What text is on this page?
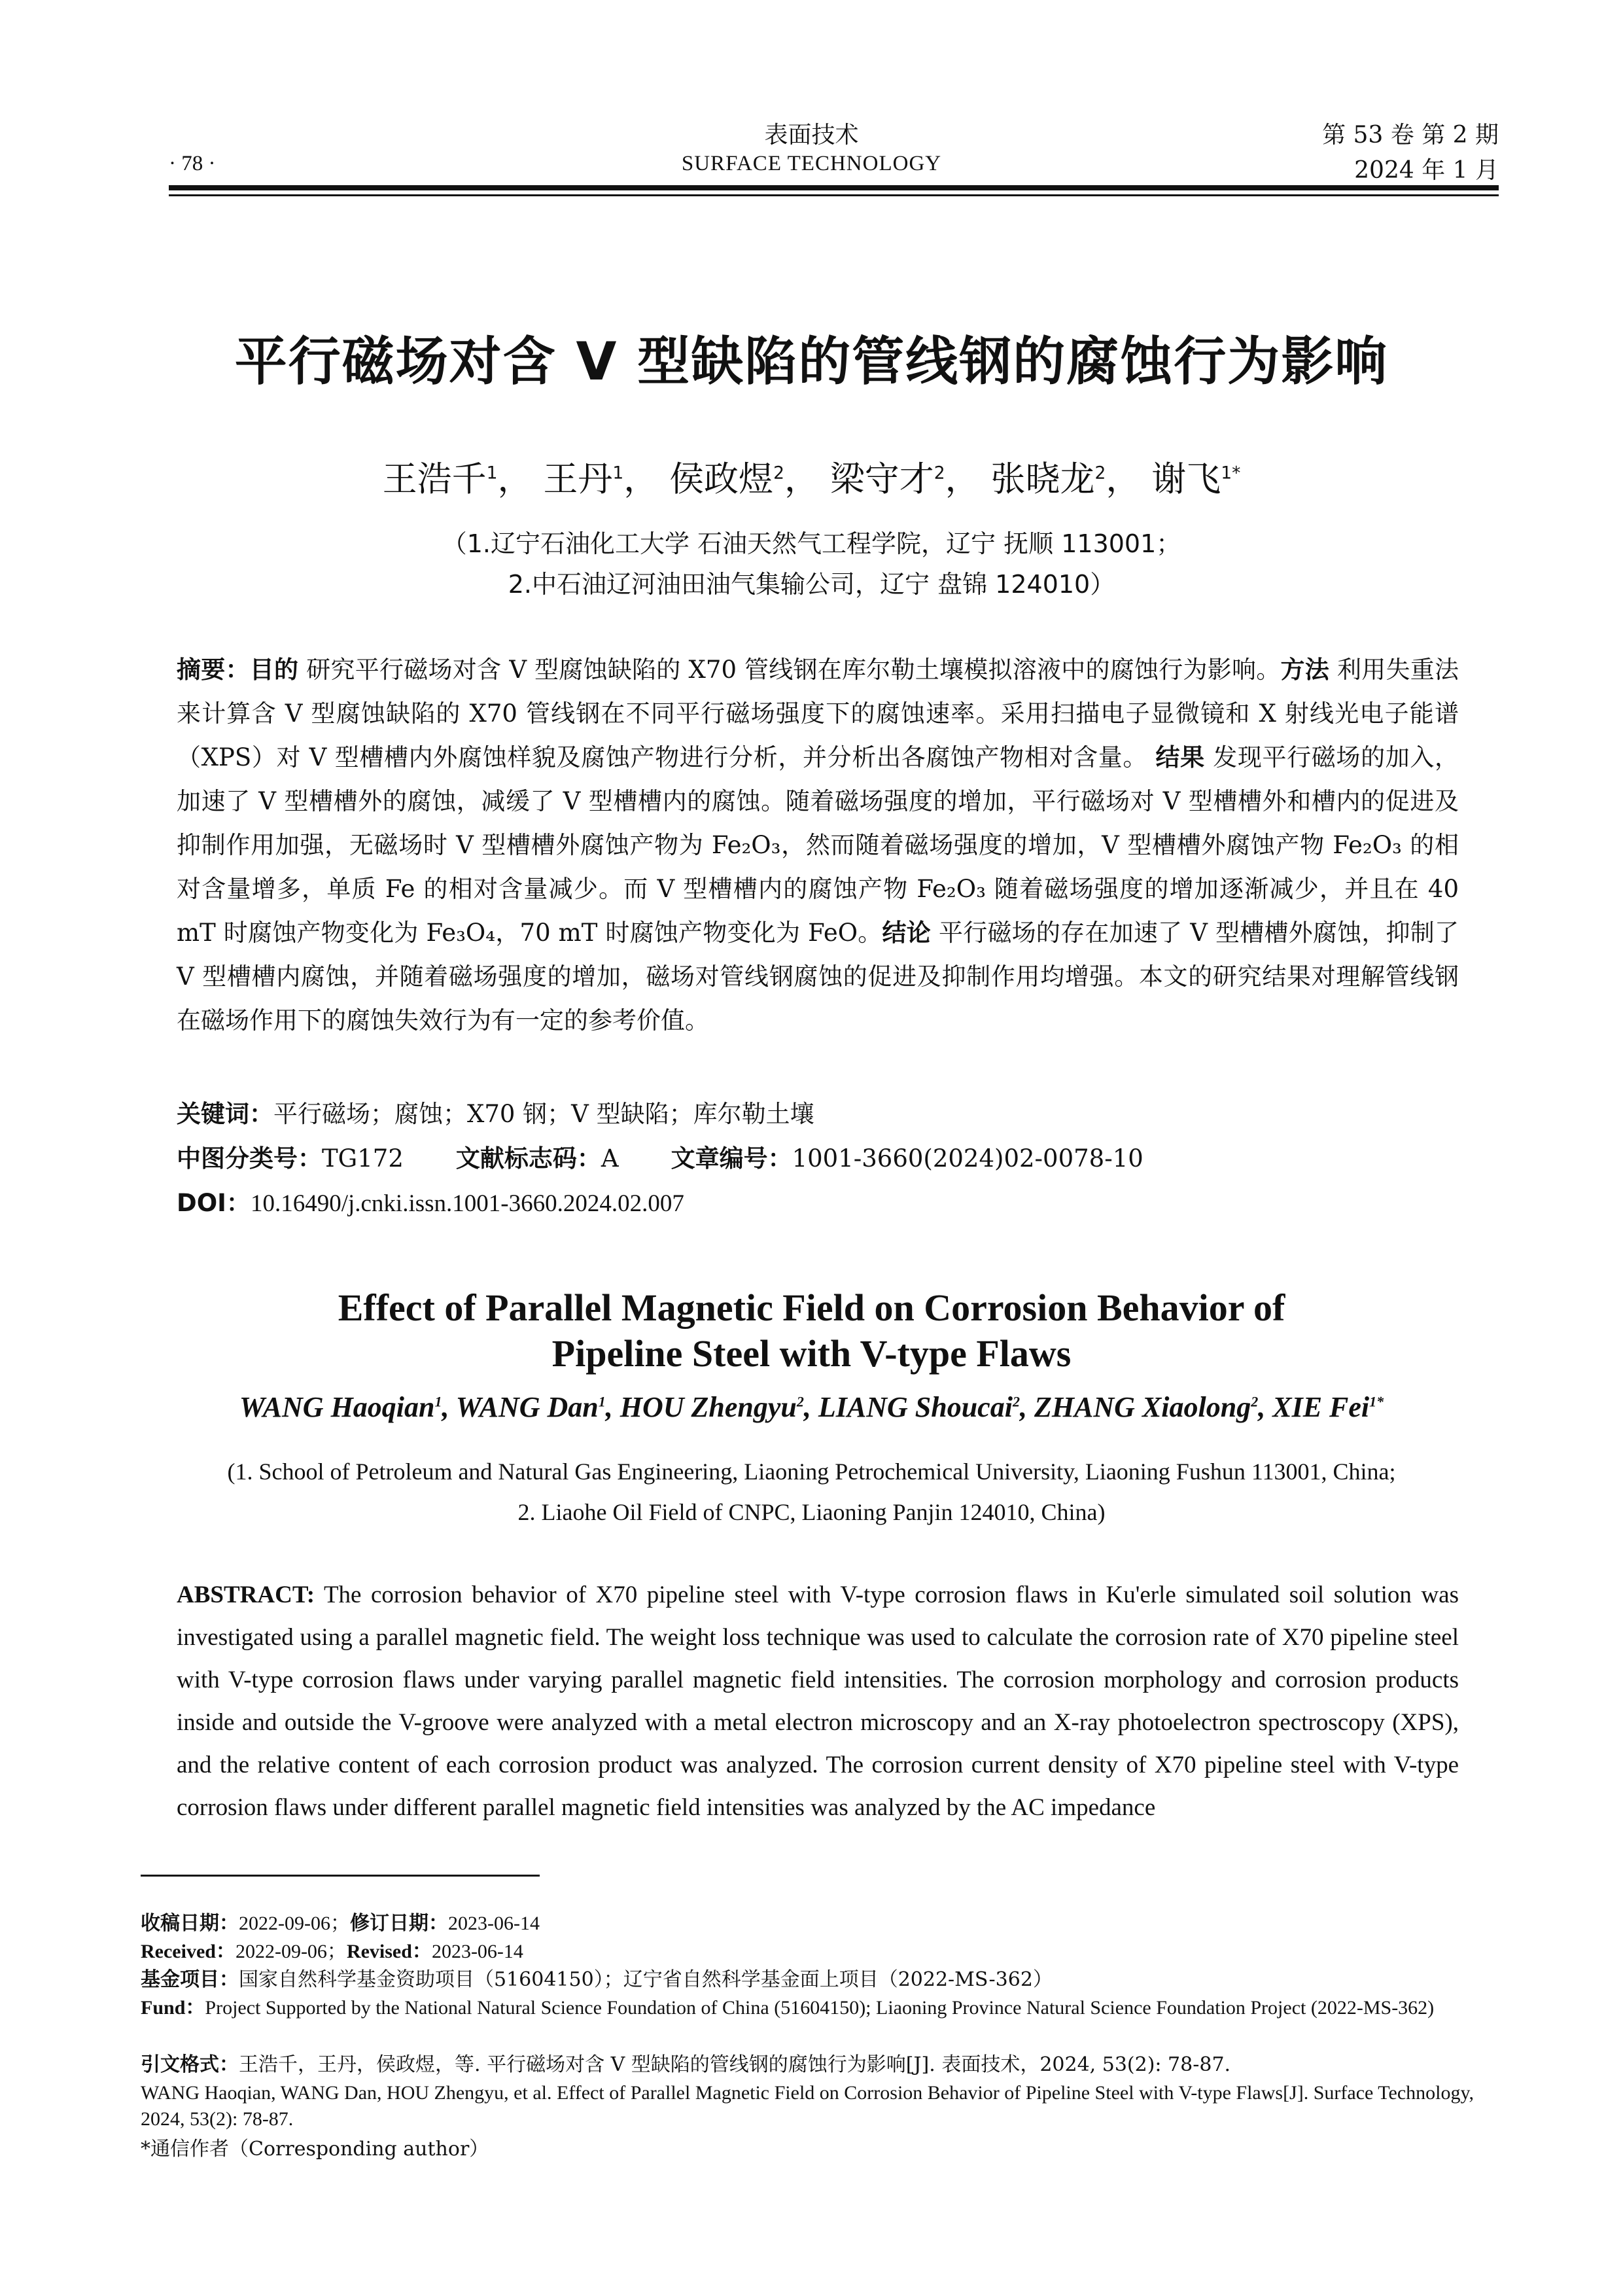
表面技术
SURFACE TECHNOLOGY
· 78 ·
第 53 卷 第 2 期
2024 年 1 月
平行磁场对含 V 型缺陷的管线钢的腐蚀行为影响
王浩千$^1$， 王丹$^1$， 侯政煜$^2$， 梁守才$^2$， 张晓龙$^2$， 谢飞$^{1*}$
（1.辽宁石油化工大学 石油天然气工程学院，辽宁 抚顺 113001；
2.中石油辽河油田油气集输公司，辽宁 盘锦 124010）
摘要：目的 研究平行磁场对含 V 型腐蚀缺陷的 X70 管线钢在库尔勒土壤模拟溶液中的腐蚀行为影响。方法 利用失重法来计算含 V 型腐蚀缺陷的 X70 管线钢在不同平行磁场强度下的腐蚀速率。采用扫描电子显微镜和 X 射线光电子能谱（XPS）对 V 型槽槽内外腐蚀样貌及腐蚀产物进行分析，并分析出各腐蚀产物相对含量。 结果 发现平行磁场的加入，加速了 V 型槽槽外的腐蚀，减缓了 V 型槽槽内的腐蚀。随着磁场强度的增加，平行磁场对 V 型槽槽外和槽内的促进及抑制作用加强，无磁场时 V 型槽槽外腐蚀产物为 Fe₂O₃，然而随着磁场强度的增加，V 型槽槽外腐蚀产物 Fe₂O₃ 的相对含量增多，单质 Fe 的相对含量减少。而 V 型槽槽内的腐蚀产物 Fe₂O₃ 随着磁场强度的增加逐渐减少，并且在 40 mT 时腐蚀产物变化为 Fe₃O₄，70 mT 时腐蚀产物变化为 FeO。结论 平行磁场的存在加速了 V 型槽槽外腐蚀，抑制了 V 型槽槽内腐蚀，并随着磁场强度的增加，磁场对管线钢腐蚀的促进及抑制作用均增强。本文的研究结果对理解管线钢在磁场作用下的腐蚀失效行为有一定的参考价值。
关键词：平行磁场；腐蚀；X70 钢；V 型缺陷；库尔勒土壤
中图分类号：TG172 文献标志码：A 文章编号：1001-3660(2024)02-0078-10
DOI：10.16490/j.cnki.issn.1001-3660.2024.02.007
Effect of Parallel Magnetic Field on Corrosion Behavior of
Pipeline Steel with V-type Flaws
WANG Haoqian$^1$, WANG Dan$^1$, HOU Zhengyu$^2$, LIANG Shoucai$^2$, ZHANG Xiaolong$^2$, XIE Fei$^{1*}$
(1. School of Petroleum and Natural Gas Engineering, Liaoning Petrochemical University, Liaoning Fushun 113001, China;
2. Liaohe Oil Field of CNPC, Liaoning Panjin 124010, China)
ABSTRACT: The corrosion behavior of X70 pipeline steel with V-type corrosion flaws in Ku'erle simulated soil solution was investigated using a parallel magnetic field. The weight loss technique was used to calculate the corrosion rate of X70 pipeline steel with V-type corrosion flaws under varying parallel magnetic field intensities. The corrosion morphology and corrosion products inside and outside the V-groove were analyzed with a metal electron microscopy and an X-ray photoelectron spectroscopy (XPS), and the relative content of each corrosion product was analyzed. The corrosion current density of X70 pipeline steel with V-type corrosion flaws under different parallel magnetic field intensities was analyzed by the AC impedance
收稿日期：2022-09-06；修订日期：2023-06-14
Received：2022-09-06；Revised：2023-06-14
基金项目：国家自然科学基金资助项目（51604150）；辽宁省自然科学基金面上项目（2022-MS-362）
Fund：Project Supported by the National Natural Science Foundation of China (51604150); Liaoning Province Natural Science Foundation Project (2022-MS-362)
引文格式：王浩千，王丹，侯政煜，等. 平行磁场对含 V 型缺陷的管线钢的腐蚀行为影响[J]. 表面技术，2024, 53(2): 78-87.
WANG Haoqian, WANG Dan, HOU Zhengyu, et al. Effect of Parallel Magnetic Field on Corrosion Behavior of Pipeline Steel with V-type Flaws[J]. Surface Technology, 2024, 53(2): 78-87.
*通信作者（Corresponding author）
